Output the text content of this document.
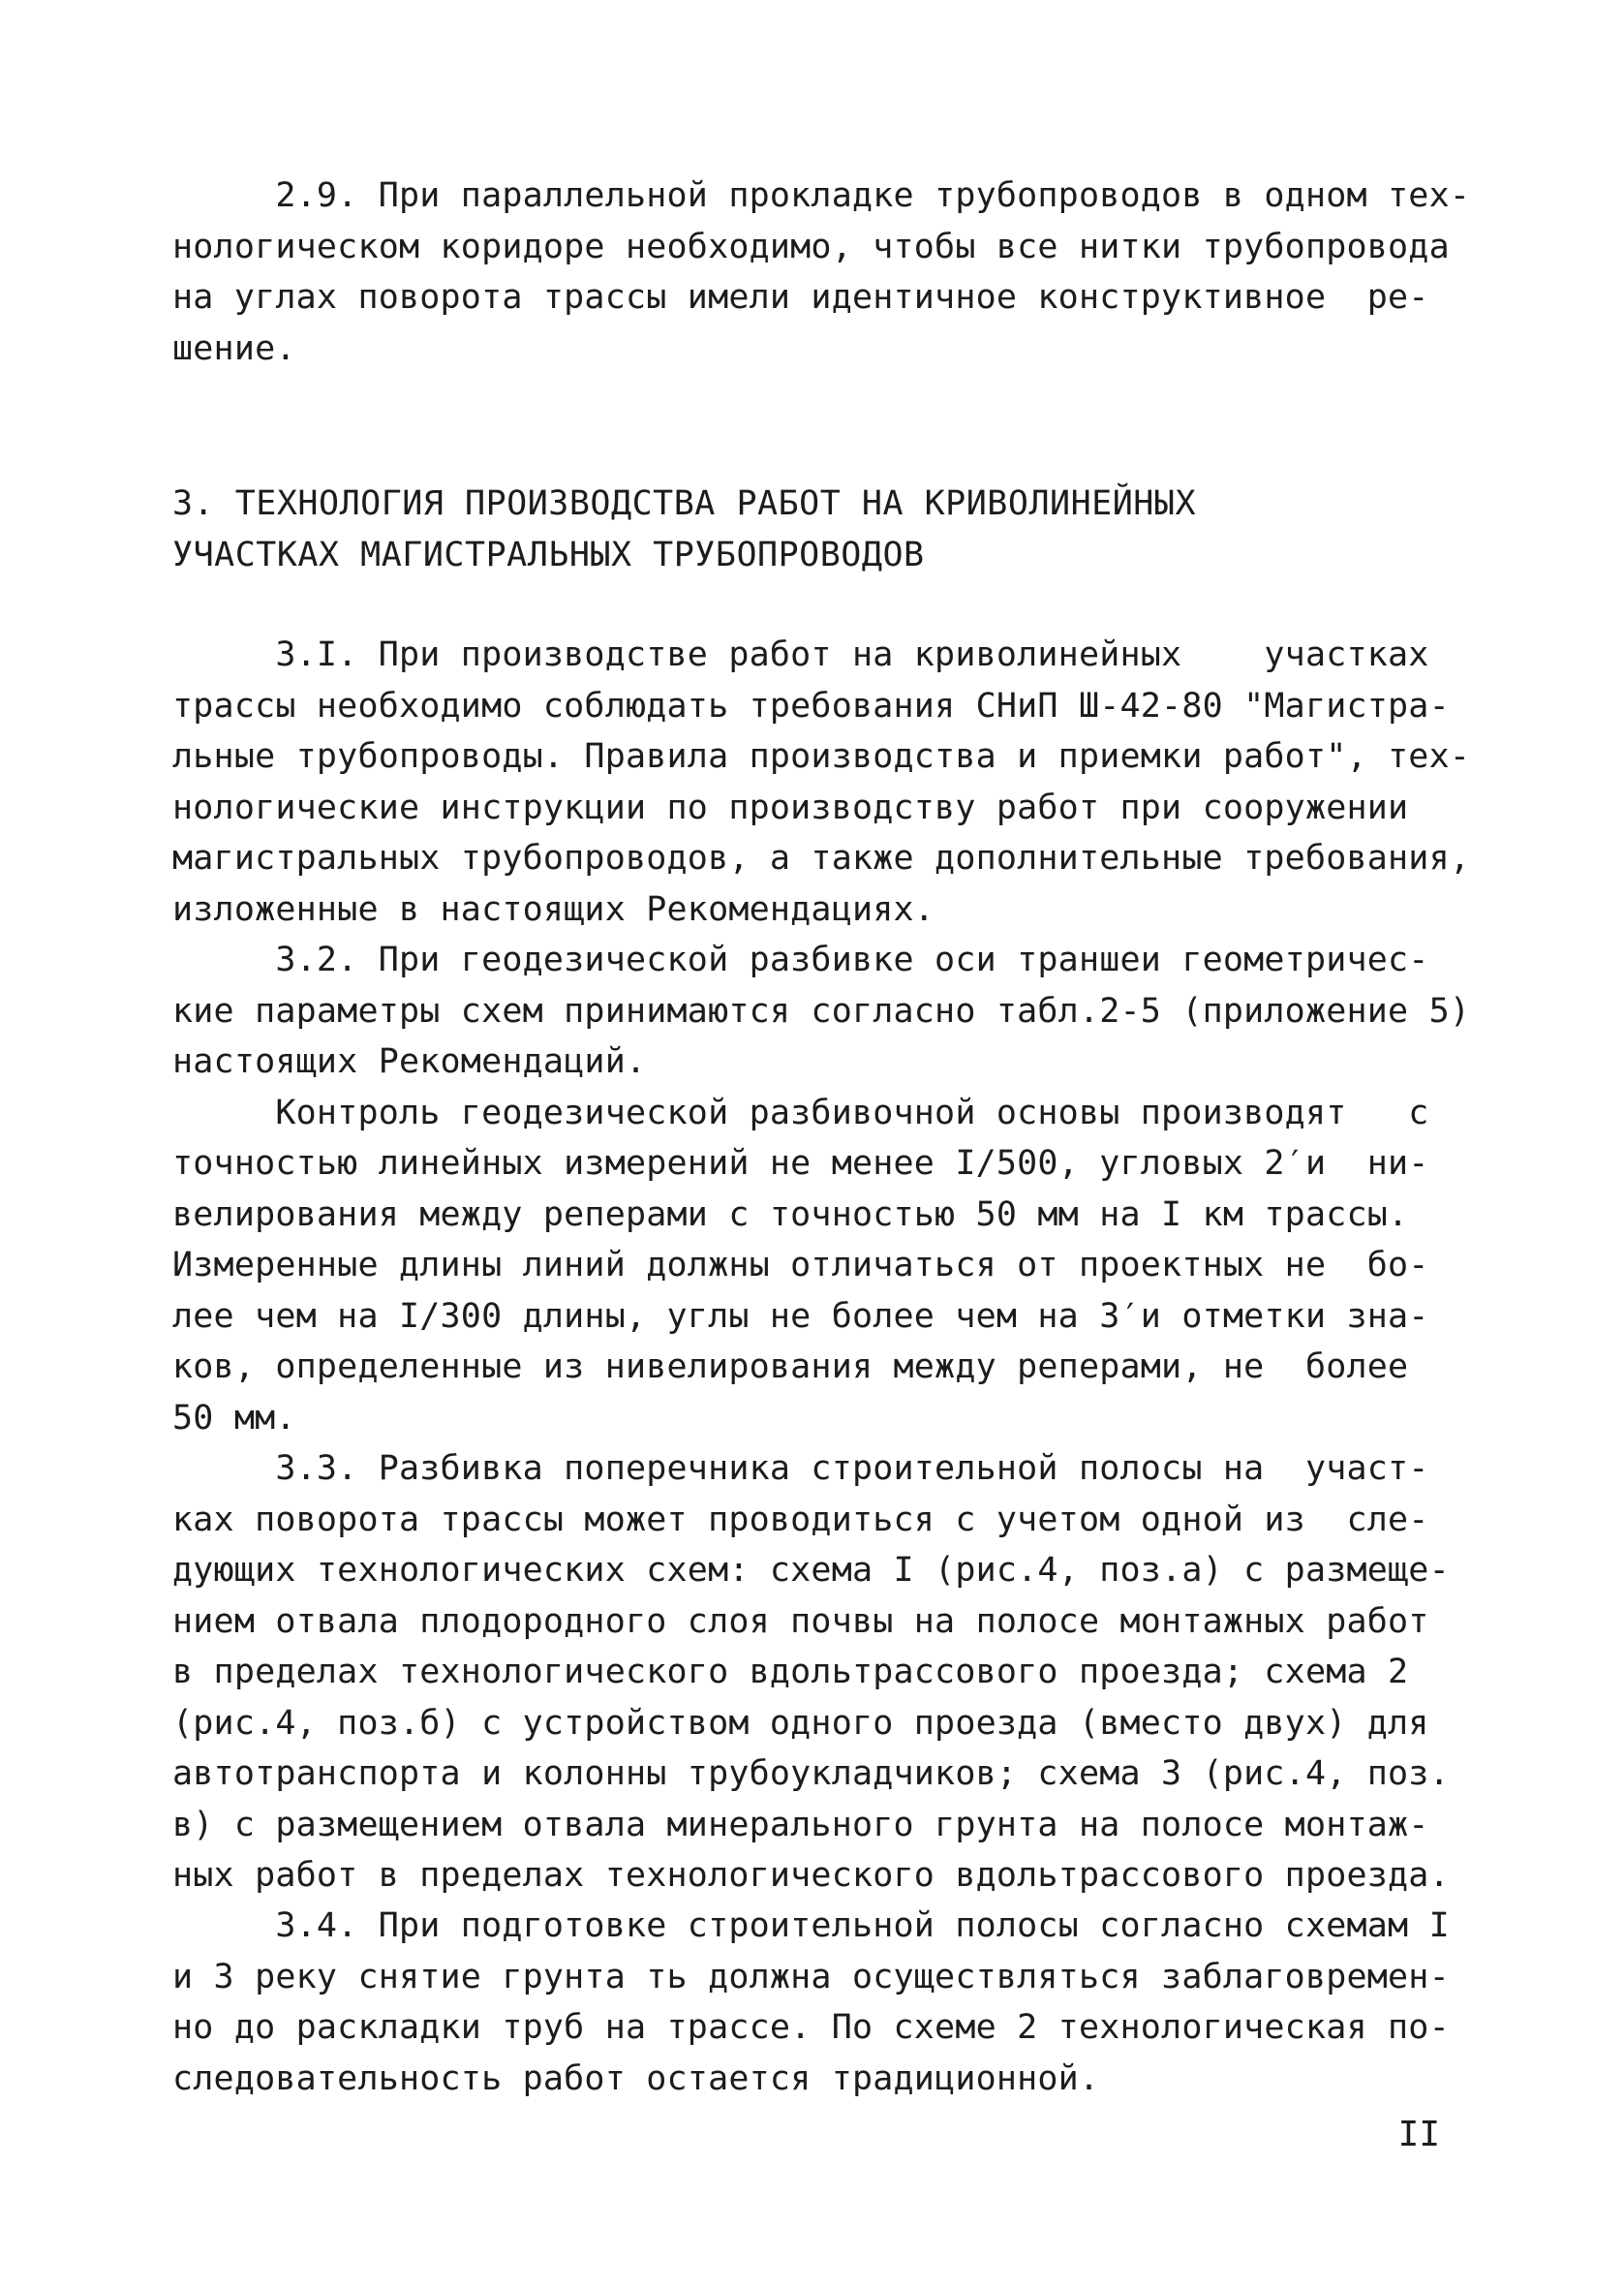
2.9. При параллельной прокладке трубопроводов в одном тех-
нологическом коридоре необходимо, чтобы все нитки трубопровода
на углах поворота трассы имели идентичное конструктивное  ре-
шение.
3. ТЕХНОЛОГИЯ ПРОИЗВОДСТВА РАБОТ НА КРИВОЛИНЕЙНЫХ
УЧАСТКАХ МАГИСТРАЛЬНЫХ ТРУБОПРОВОДОВ
3.I. При производстве работ на криволинейных    участках
трассы необходимо соблюдать требования СНиП Ш-42-80 "Магистра-
льные трубопроводы. Правила производства и приемки работ", тех-
нологические инструкции по производству работ при сооружении
магистральных трубопроводов, а также дополнительные требования,
изложенные в настоящих Рекомендациях.
3.2. При геодезической разбивке оси траншеи геометричес-
кие параметры схем принимаются согласно табл.2-5 (приложение 5)
настоящих Рекомендаций.
Контроль геодезической разбивочной основы производят   с
точностью линейных измерений не менее I/500, угловых 2′и  ни-
велирования между реперами с точностью 50 мм на I км трассы.
Измеренные длины линий должны отличаться от проектных не  бо-
лее чем на I/300 длины, углы не более чем на 3′и отметки зна-
ков, определенные из нивелирования между реперами, не  более
50 мм.
3.3. Разбивка поперечника строительной полосы на  участ-
ках поворота трассы может проводиться с учетом одной из  сле-
дующих технологических схем: схема I (рис.4, поз.а) с размеще-
нием отвала плодородного слоя почвы на полосе монтажных работ
в пределах технологического вдольтрассового проезда; схема 2
(рис.4, поз.б) с устройством одного проезда (вместо двух) для
автотранспорта и колонны трубоукладчиков; схема 3 (рис.4, поз.
в) с размещением отвала минерального грунта на полосе монтаж-
ных работ в пределах технологического вдольтрассового проезда.
3.4. При подготовке строительной полосы согласно схемам I
и 3 реку снятие грунта ть должна осуществляться заблаговремен-
но до раскладки труб на трассе. По схеме 2 технологическая по-
следовательность работ остается традиционной.
II
